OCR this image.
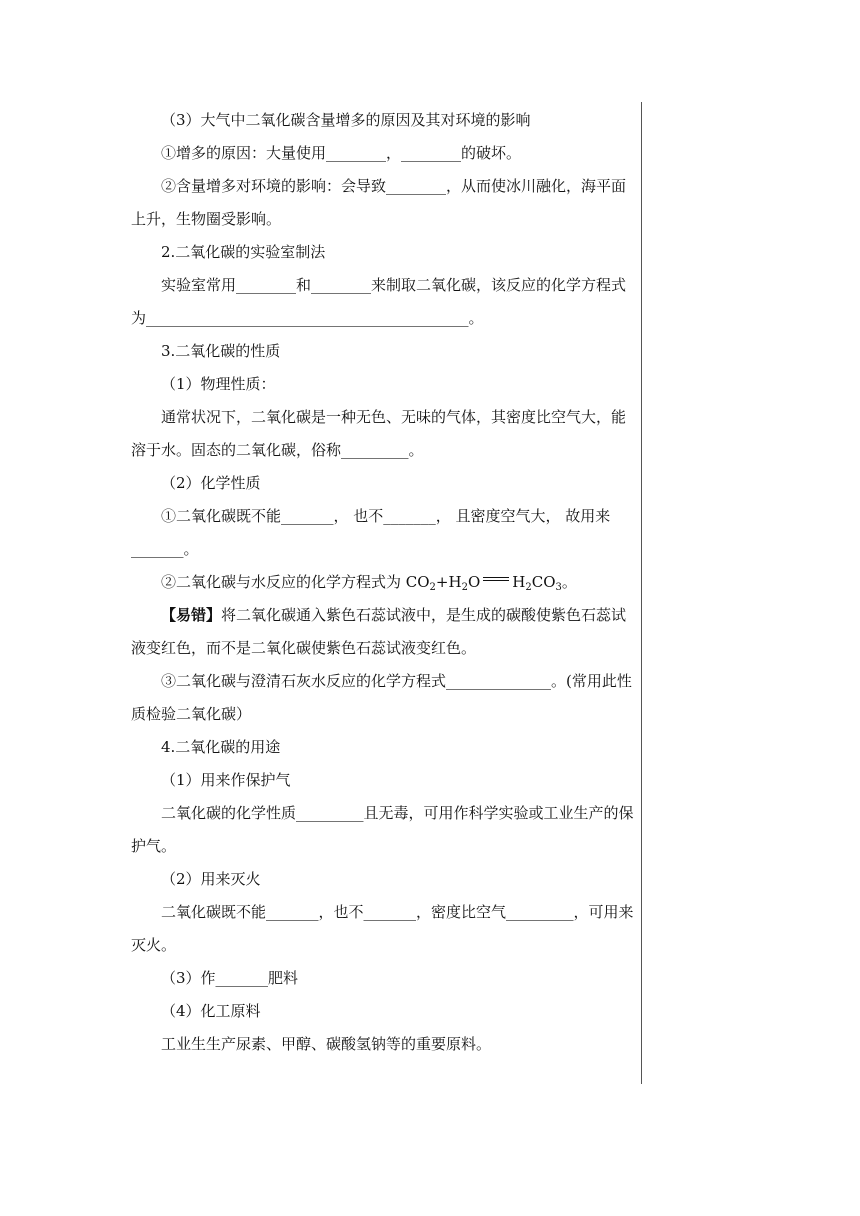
（3）大气中二氧化碳含量增多的原因及其对环境的影响

①增多的原因：大量使用________，________的破坏。

②含量增多对环境的影响：会导致________，从而使冰川融化，海平面

上升，生物圈受影响。

2.二氧化碳的实验室制法

实验室常用________和________来制取二氧化碳，该反应的化学方程式

为___________________________________________。

3.二氧化碳的性质

（1）物理性质：

通常状况下，二氧化碳是一种无色、无味的气体，其密度比空气大，能

溶于水。固态的二氧化碳，俗称_________。

（2）化学性质

①二氧化碳既不能_______， 也不_______， 且密度空气大， 故用来

_______。

②二氧化碳与水反应的化学方程式为 $CO_2+H_2O$ $H_2CO_3$。

【易错】将二氧化碳通入紫色石蕊试液中，是生成的碳酸使紫色石蕊试

液变红色，而不是二氧化碳使紫色石蕊试液变红色。

③二氧化碳与澄清石灰水反应的化学方程式______________。(常用此性

质检验二氧化碳）

4.二氧化碳的用途

（1）用来作保护气

二氧化碳的化学性质_________且无毒，可用作科学实验或工业生产的保

护气。

（2）用来灭火

二氧化碳既不能_______，也不_______，密度比空气_________，可用来

灭火。

（3）作_______肥料

（4）化工原料

工业生生产尿素、甲醇、碳酸氢钠等的重要原料。
